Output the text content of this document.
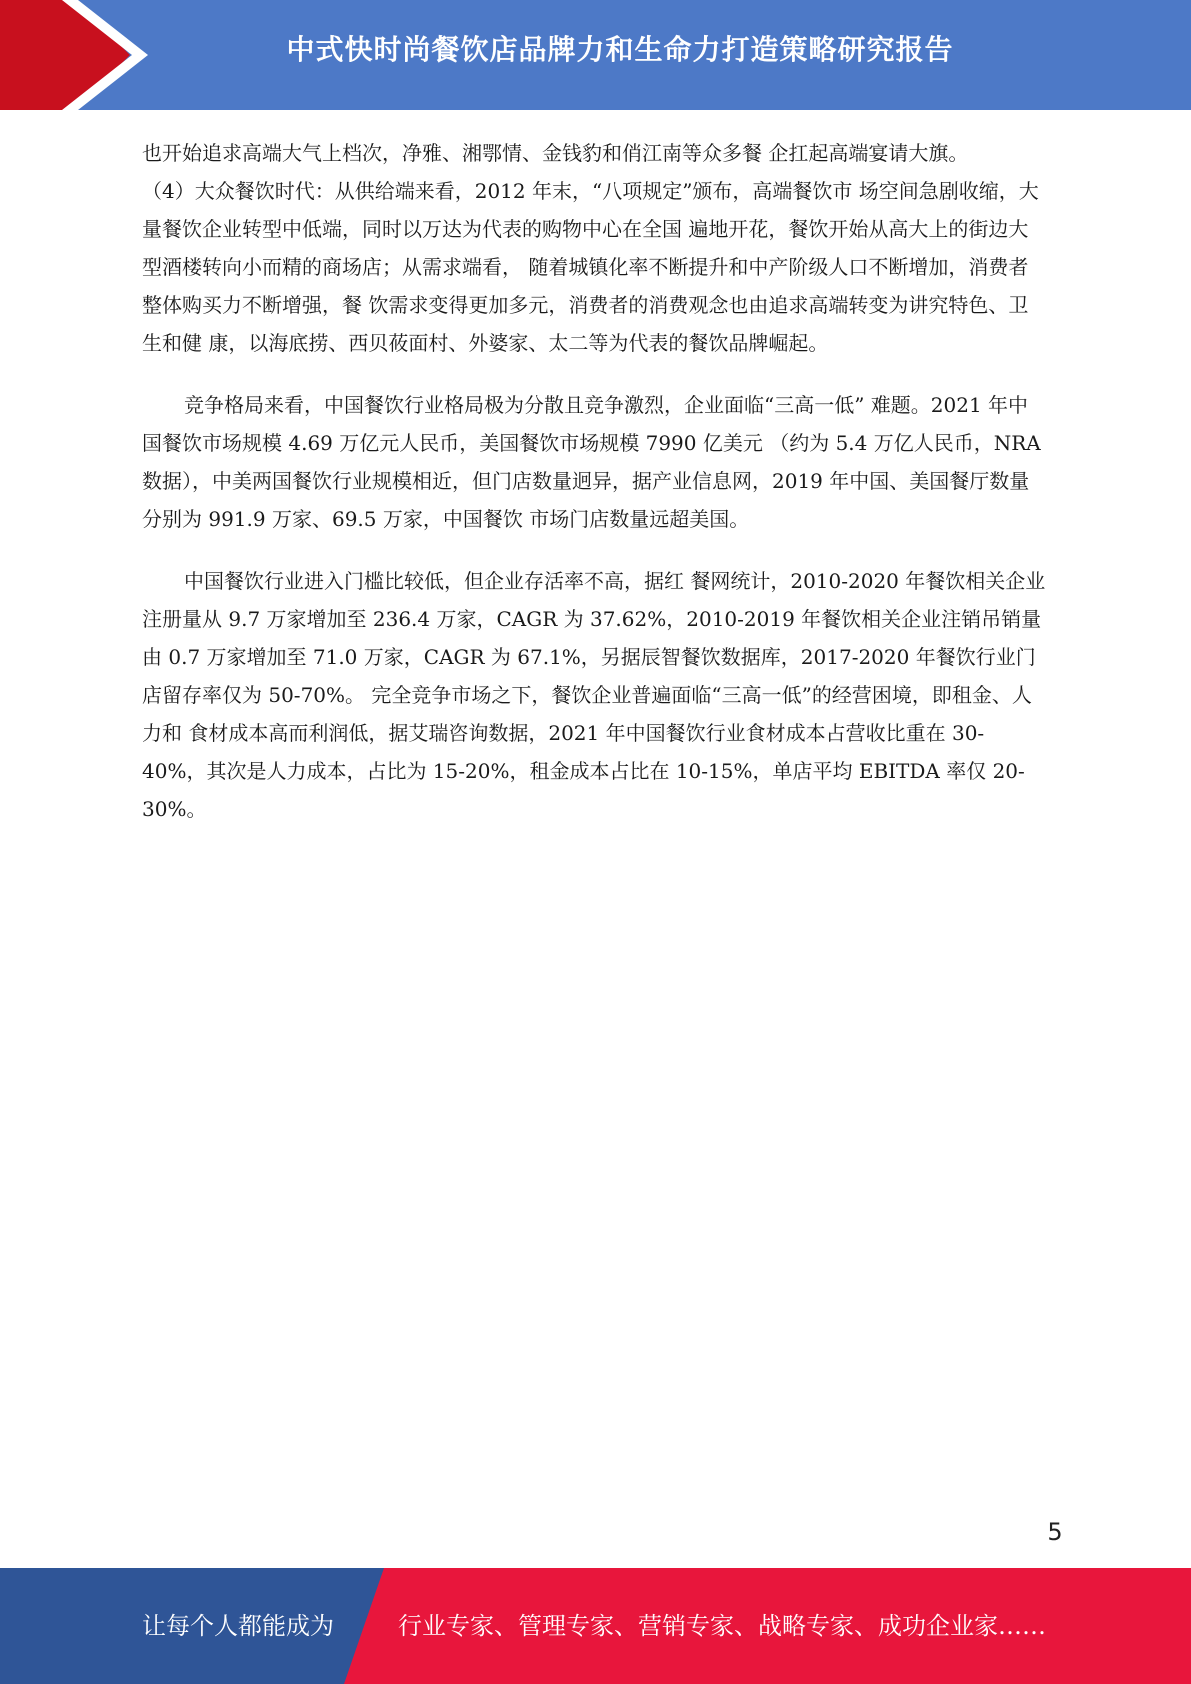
中式快时尚餐饮店品牌力和生命力打造策略研究报告

也开始追求高端大气上档次，净雅、湘鄂情、金钱豹和俏江南等众多餐 企扛起高端宴请大旗。

（4）大众餐饮时代：从供给端来看，2012 年末，“八项规定”颁布，高端餐饮市 场空间急剧收缩，大量餐饮企业转型中低端，同时以万达为代表的购物中心在全国 遍地开花，餐饮开始从高大上的街边大型酒楼转向小而精的商场店；从需求端看， 随着城镇化率不断提升和中产阶级人口不断增加，消费者整体购买力不断增强，餐 饮需求变得更加多元，消费者的消费观念也由追求高端转变为讲究特色、卫生和健 康，以海底捞、西贝莜面村、外婆家、太二等为代表的餐饮品牌崛起。

竞争格局来看，中国餐饮行业格局极为分散且竞争激烈，企业面临“三高一低” 难题。2021 年中国餐饮市场规模 4.69 万亿元人民币，美国餐饮市场规模 7990 亿美元 （约为 5.4 万亿人民币，NRA 数据），中美两国餐饮行业规模相近，但门店数量迥异，据产业信息网，2019 年中国、美国餐厅数量分别为 991.9 万家、69.5 万家，中国餐饮 市场门店数量远超美国。

中国餐饮行业进入门槛比较低，但企业存活率不高，据红 餐网统计，2010-2020 年餐饮相关企业注册量从 9.7 万家增加至 236.4 万家，CAGR 为 37.62%，2010-2019 年餐饮相关企业注销吊销量由 0.7 万家增加至 71.0 万家，CAGR 为 67.1%，另据辰智餐饮数据库，2017-2020 年餐饮行业门店留存率仅为 50-70%。 完全竞争市场之下，餐饮企业普遍面临“三高一低”的经营困境，即租金、人力和 食材成本高而利润低，据艾瑞咨询数据，2021 年中国餐饮行业食材成本占营收比重在 30-40%，其次是人力成本，占比为 15-20%，租金成本占比在 10-15%，单店平均 EBITDA 率仅 20-30%。

5
让每个人都能成为	行业专家、管理专家、营销专家、战略专家、成功企业家……
